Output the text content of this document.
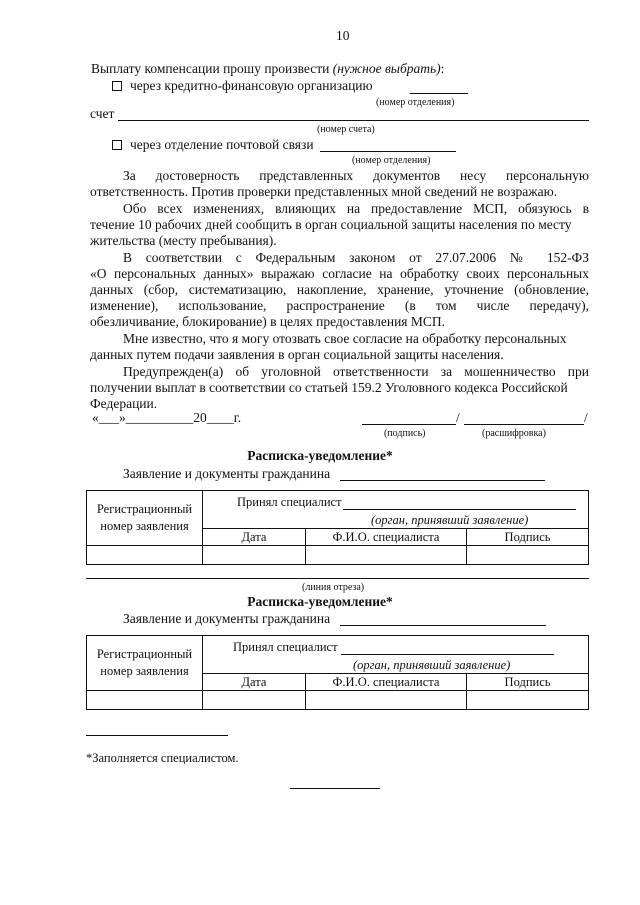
10
Выплату компенсации прошу произвести (нужное выбрать):
через кредитно-финансовую организацию
(номер отделения)
счет
(номер счета)
через отделение почтовой связи
(номер отделения)
За достоверность представленных документов несу персональную
ответственность. Против проверки представленных мной сведений не возражаю.
Обо всех изменениях, влияющих на предоставление МСП, обязуюсь в
течение 10 рабочих дней сообщить в орган социальной защиты населения по месту
жительства (месту пребывания).
В соответствии с Федеральным законом от 27.07.2006 № 152-ФЗ
«О персональных данных» выражаю согласие на обработку своих персональных
данных (сбор, систематизацию, накопление, хранение, уточнение (обновление,
изменение), использование, распространение (в том числе передачу),
обезличивание, блокирование) в целях предоставления МСП.
Мне известно, что я могу отозвать свое согласие на обработку персональных
данных путем подачи заявления в орган социальной защиты населения.
Предупрежден(а) об уголовной ответственности за мошенничество при
получении выплат в соответствии со статьей 159.2 Уголовного кодекса Российской
Федерации.
«___»__________20____г.	/	/
(подпись)	(расшифровка)
Расписка-уведомление*
Заявление и документы гражданина
Регистрационный
номер заявления	Принял специалист
(орган, принявший заявление)		

	Дата	Ф.И.О. специалиста	Подпись

(линия отреза)
Расписка-уведомление*
Заявление и документы гражданина
Регистрационный
номер заявления	Принял специалист
(орган, принявший заявление)		

	Дата	Ф.И.О. специалиста	Подпись

*Заполняется специалистом.
